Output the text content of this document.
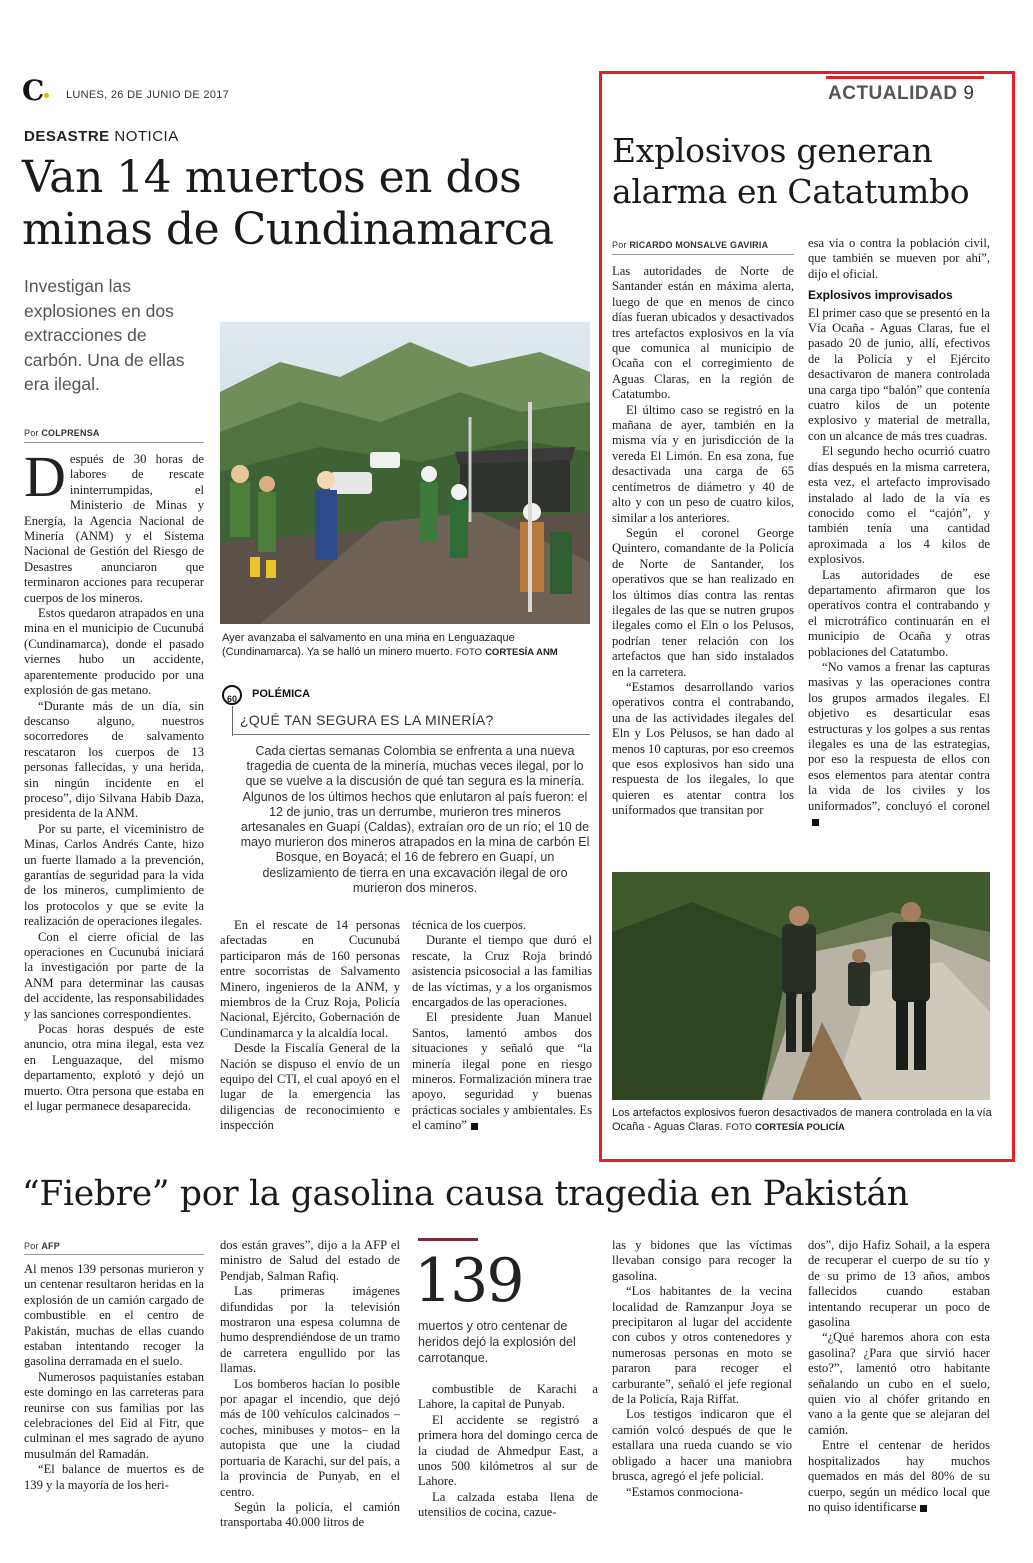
C	LUNES, 26 DE JUNIO DE 2017
DESASTRE NOTICIA
Van 14 muertos en dos minas de Cundinamarca
Investigan las explosiones en dos extracciones de carbón. Una de ellas era ilegal.
Por COLPRENSA

Después de 30 horas de labores de rescate ininterrumpidas, el Ministerio de Minas y Energía, la Agencia Nacional de Minería (ANM) y el Sistema Nacional de Gestión del Riesgo de Desastres anunciaron que terminaron acciones para recuperar cuerpos de los mineros.

Estos quedaron atrapados en una mina en el municipio de Cucunubá (Cundinamarca), donde el pasado viernes hubo un accidente, aparentemente producido por una explosión de gas metano.

“Durante más de un día, sin descanso alguno, nuestros socorredores de salvamento rescataron los cuerpos de 13 personas fallecidas, y una herida, sin ningún incidente en el proceso”, dijo Silvana Habib Daza, presidenta de la ANM.

Por su parte, el viceministro de Minas, Carlos Andrés Cante, hizo un fuerte llamado a la prevención, garantías de seguridad para la vida de los mineros, cumplimiento de los protocolos y que se evite la realización de operaciones ilegales.

Con el cierre oficial de las operaciones en Cucunubá iniciará la investigación por parte de la ANM para determinar las causas del accidente, las responsabilidades y las sanciones correspondientes.

Pocas horas después de este anuncio, otra mina ilegal, esta vez en Lenguazaque, del mismo departamento, explotó y dejó un muerto. Otra persona que estaba en el lugar permanece desaparecida.

Ayer avanzaba el salvamento en una mina en Lenguazaque (Cundinamarca). Ya se halló un minero muerto. FOTO CORTESÍA ANM
60	POLÉMICA
¿QUÉ TAN SEGURA ES LA MINERÍA?
Cada ciertas semanas Colombia se enfrenta a una nueva tragedia de cuenta de la minería, muchas veces ilegal, por lo que se vuelve a la discusión de qué tan segura es la minería. Algunos de los últimos hechos que enlutaron al país fueron: el 12 de junio, tras un derrumbe, murieron tres mineros artesanales en Guapí (Caldas), extraían oro de un río; el 10 de mayo murieron dos mineros atrapados en la mina de carbón El Bosque, en Boyacá; el 16 de febrero en Guapí, un deslizamiento de tierra en una excavación ilegal de oro murieron dos mineros.

En el rescate de 14 personas afectadas en Cucunubá participaron más de 160 personas entre socorristas de Salvamento Minero, ingenieros de la ANM, y miembros de la Cruz Roja, Policía Nacional, Ejército, Gobernación de Cundinamarca y la alcaldía local.

Desde la Fiscalía General de la Nación se dispuso el envío de un equipo del CTI, el cual apoyó en el lugar de la emergencia las diligencias de reconocimiento e inspección

técnica de los cuerpos.

Durante el tiempo que duró el rescate, la Cruz Roja brindó asistencia psicosocial a las familias de las víctimas, y a los organismos encargados de las operaciones.

El presidente Juan Manuel Santos, lamentó ambos dos situaciones y señaló que “la minería ilegal pone en riesgo mineros. Formalización minera trae apoyo, seguridad y buenas prácticas sociales y ambientales. Es el camino”

ACTUALIDAD 9
Explosivos generan alarma en Catatumbo
Por RICARDO MONSALVE GAVIRIA

Las autoridades de Norte de Santander están en máxima alerta, luego de que en menos de cinco días fueran ubicados y desactivados tres artefactos explosivos en la vía que comunica al municipio de Ocaña con el corregimiento de Aguas Claras, en la región de Catatumbo.

El último caso se registró en la mañana de ayer, también en la misma vía y en jurisdicción de la vereda El Limón. En esa zona, fue desactivada una carga de 65 centímetros de diámetro y 40 de alto y con un peso de cuatro kilos, similar a los anteriores.

Según el coronel George Quintero, comandante de la Policía de Norte de Santander, los operativos que se han realizado en los últimos días contra las rentas ilegales de las que se nutren grupos ilegales como el Eln o los Pelusos, podrían tener relación con los artefactos que han sido instalados en la carretera.

“Estamos desarrollando varios operativos contra el contrabando, una de las actividades ilegales del Eln y Los Pelusos, se han dado al menos 10 capturas, por eso creemos que esos explosivos han sido una respuesta de los ilegales, lo que quieren es atentar contra los uniformados que transitan por

esa vía o contra la población civil, que también se mueven por ahí”, dijo el oficial.

Explosivos improvisados

El primer caso que se presentó en la Vía Ocaña - Aguas Claras, fue el pasado 20 de junio, allí, efectivos de la Policía y el Ejército desactivaron de manera controlada una carga tipo “balón” que contenía cuatro kilos de un potente explosivo y material de metralla, con un alcance de más tres cuadras.

El segundo hecho ocurrió cuatro días después en la misma carretera, esta vez, el artefacto improvisado instalado al lado de la vía es conocido como el “cajón”, y también tenía una cantidad aproximada a los 4 kilos de explosivos.

Las autoridades de ese departamento afirmaron que los operativos contra el contrabando y el microtráfico continuarán en el municipio de Ocaña y otras poblaciones del Catatumbo.

“No vamos a frenar las capturas masivas y las operaciones contra los grupos armados ilegales. El objetivo es desarticular esas estructuras y los golpes a sus rentas ilegales es una de las estrategias, por eso la respuesta de ellos con esos elementos para atentar contra la vida de los civiles y los uniformados”, concluyó el coronel

Los artefactos explosivos fueron desactivados de manera controlada en la vía Ocaña - Aguas Claras. FOTO CORTESÍA POLICÍA
“Fiebre” por la gasolina causa tragedia en Pakistán
Por AFP

Al menos 139 personas murieron y un centenar resultaron heridas en la explosión de un camión cargado de combustible en el centro de Pakistán, muchas de ellas cuando estaban intentando recoger la gasolina derramada en el suelo.

Numerosos paquistaníes estaban este domingo en las carreteras para reunirse con sus familias por las celebraciones del Eid al Fitr, que culminan el mes sagrado de ayuno musulmán del Ramadán.

“El balance de muertos es de 139 y la mayoría de los heri-

dos están graves”, dijo a la AFP el ministro de Salud del estado de Pendjab, Salman Rafiq.

Las primeras imágenes difundidas por la televisión mostraron una espesa columna de humo desprendiéndose de un tramo de carretera engullido por las llamas.

Los bomberos hacían lo posible por apagar el incendio, que dejó más de 100 vehículos calcinados –coches, minibuses y motos– en la autopista que une la ciudad portuaria de Karachi, sur del país, a la provincia de Punyab, en el centro.

Según la policía, el camión transportaba 40.000 litros de

139
muertos y otro centenar de heridos dejó la explosión del carrotanque.

combustible de Karachi a Lahore, la capital de Punyab.

El accidente se registró a primera hora del domingo cerca de la ciudad de Ahmedpur East, a unos 500 kilómetros al sur de Lahore.

La calzada estaba llena de utensilios de cocina, cazue-

las y bidones que las víctimas llevaban consigo para recoger la gasolina.

“Los habitantes de la vecina localidad de Ramzanpur Joya se precipitaron al lugar del accidente con cubos y otros contenedores y numerosas personas en moto se pararon para recoger el carburante”, señaló el jefe regional de la Policía, Raja Riffat.

Los testigos indicaron que el camión volcó después de que le estallara una rueda cuando se vio obligado a hacer una maniobra brusca, agregó el jefe policial.

“Estamos conmociona-

dos”, dijo Hafiz Sohail, a la espera de recuperar el cuerpo de su tío y de su primo de 13 años, ambos fallecidos cuando estaban intentando recuperar un poco de gasolina

“¿Qué haremos ahora con esta gasolina? ¿Para que sirvió hacer esto?”, lamentó otro habitante señalando un cubo en el suelo, quien vio al chófer gritando en vano a la gente que se alejaran del camión.

Entre el centenar de heridos hospitalizados hay muchos quemados en más del 80% de su cuerpo, según un médico local que no quiso identificarse
